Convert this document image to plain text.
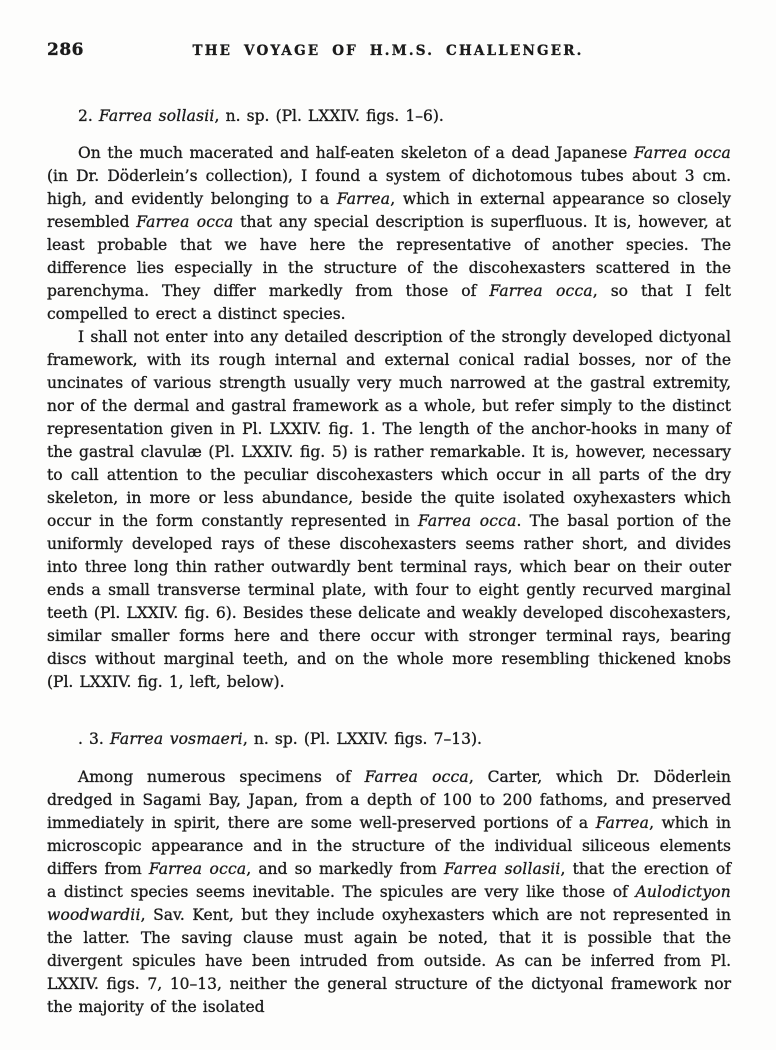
286	THE VOYAGE OF H.M.S. CHALLENGER.

2. Farrea sollasii, n. sp. (Pl. LXXIV. figs. 1–6).

On the much macerated and half-eaten skeleton of a dead Japanese Farrea occa (in Dr. Döderlein’s collection), I found a system of dichotomous tubes about 3 cm. high, and evidently belonging to a Farrea, which in external appearance so closely resembled Farrea occa that any special description is superfluous. It is, however, at least probable that we have here the representative of another species. The difference lies especially in the structure of the discohexasters scattered in the parenchyma. They differ markedly from those of Farrea occa, so that I felt compelled to erect a distinct species.

I shall not enter into any detailed description of the strongly developed dictyonal framework, with its rough internal and external conical radial bosses, nor of the uncinates of various strength usually very much narrowed at the gastral extremity, nor of the dermal and gastral framework as a whole, but refer simply to the distinct representation given in Pl. LXXIV. fig. 1. The length of the anchor-hooks in many of the gastral clavulæ (Pl. LXXIV. fig. 5) is rather remarkable. It is, however, necessary to call attention to the peculiar discohexasters which occur in all parts of the dry skeleton, in more or less abundance, beside the quite isolated oxyhexasters which occur in the form constantly represented in Farrea occa. The basal portion of the uniformly developed rays of these discohexasters seems rather short, and divides into three long thin rather outwardly bent terminal rays, which bear on their outer ends a small transverse terminal plate, with four to eight gently recurved marginal teeth (Pl. LXXIV. fig. 6). Besides these delicate and weakly developed discohexasters, similar smaller forms here and there occur with stronger terminal rays, bearing discs without marginal teeth, and on the whole more resembling thickened knobs (Pl. LXXIV. fig. 1, left, below).

. 3. Farrea vosmaeri, n. sp. (Pl. LXXIV. figs. 7–13).

Among numerous specimens of Farrea occa, Carter, which Dr. Döderlein dredged in Sagami Bay, Japan, from a depth of 100 to 200 fathoms, and preserved immediately in spirit, there are some well-preserved portions of a Farrea, which in microscopic appearance and in the structure of the individual siliceous elements differs from Farrea occa, and so markedly from Farrea sollasii, that the erection of a distinct species seems inevitable. The spicules are very like those of Aulodictyon woodwardii, Sav. Kent, but they include oxyhexasters which are not represented in the latter. The saving clause must again be noted, that it is possible that the divergent spicules have been intruded from outside. As can be inferred from Pl. LXXIV. figs. 7, 10–13, neither the general structure of the dictyonal framework nor the majority of the isolated
